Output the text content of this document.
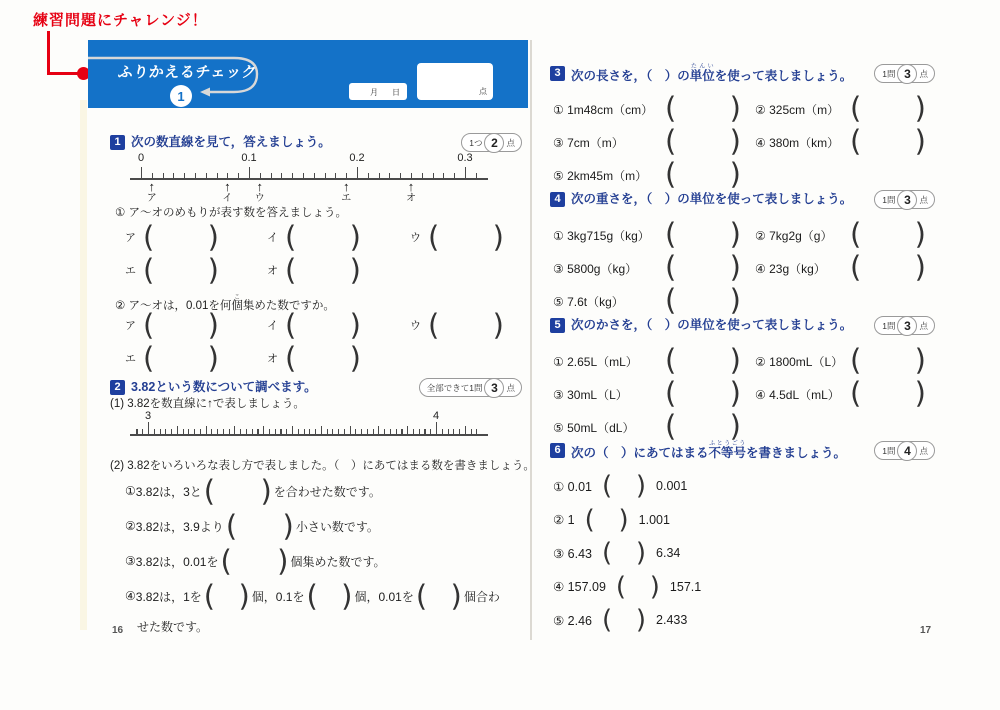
練習問題にチャレンジ！
ふりかえるチェック
1	月 日	点
1 次の数直線を見て，答えましょう。	1つ 2	点
0	0.1	0.2	0.3
↑
ア
↑
イ
↑
ウ
↑
エ
↑
オ
① ア～オのめもりが表す数を答えましょう。
ア ( )	イ ( )	ウ ( )
エ ( )	オ ( )
② ア～オは，0.01を何個こ集めた数ですか。
ア ( )	イ ( )	ウ ( )
エ ( )	オ ( )
2 3.82という数について調べます。	全部できて1問 3	点
(1) 3.82を数直線に↑で表しましょう。
3	4
(2) 3.82をいろいろな表し方で表しました。（　）にあてはまる数を書きましょう。
① 3.82は，3と ( ) を合わせた数です。
② 3.82は，3.9より ( ) 小さい数です。
③ 3.82は，0.01を ( ) 個集めた数です。
④ 3.82は，1を ( ) 個，0.1を ( ) 個，0.01を ( ) 個合わ
せた数です。
16
3 次の長さを，（　）の単位たんいを使って表しましょう。	1問 3	点
① 1m48cm（cm） ( ) ② 325cm（m） ( )
③ 7cm（m） ( ) ④ 380m（km） ( )
⑤ 2km45m（m） ( )
4 次の重さを，（　）の単位を使って表しましょう。	1問 3	点
① 3kg715g（kg） ( ) ② 7kg2g（g） ( )
③ 5800g（kg） ( ) ④ 23g（kg） ( )
⑤ 7.6t（kg） ( )
5 次のかさを，（　）の単位を使って表しましょう。	1問 3	点
① 2.65L（mL） ( ) ② 1800mL（L） ( )
③ 30mL（L） ( ) ④ 4.5dL（mL） ( )
⑤ 50mL（dL） ( )
6 次の（　）にあてはまる不等号ふとうごうを書きましょう。	1問 4	点
① 0.01 ( ) 0.001
② 1 ( ) 1.001
③ 6.43 ( ) 6.34
④ 157.09 ( ) 157.1
⑤ 2.46 ( ) 2.433
17
